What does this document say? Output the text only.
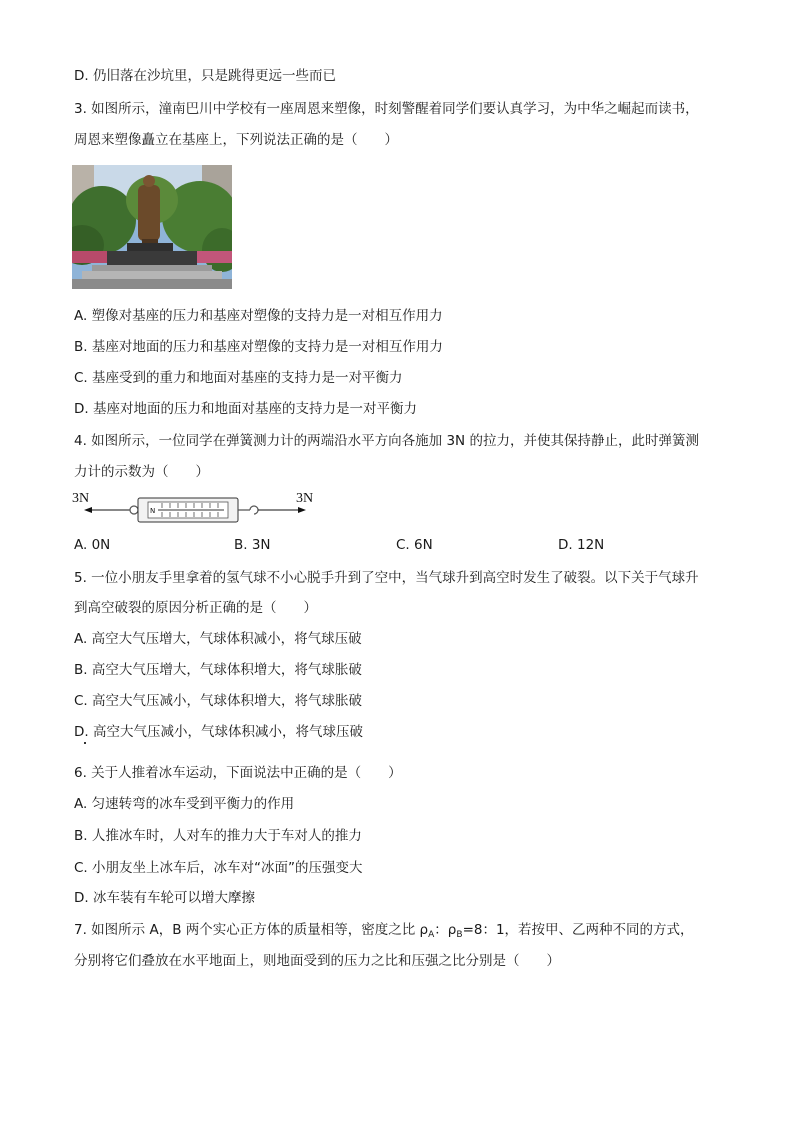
D. 仍旧落在沙坑里，只是跳得更远一些而已
3. 如图所示，潼南巴川中学校有一座周恩来塑像，时刻警醒着同学们要认真学习，为中华之崛起而读书，
周恩来塑像矗立在基座上，下列说法正确的是（　　）
A. 塑像对基座的压力和基座对塑像的支持力是一对相互作用力
B. 基座对地面的压力和基座对塑像的支持力是一对相互作用力
C. 基座受到的重力和地面对基座的支持力是一对平衡力
D. 基座对地面的压力和地面对基座的支持力是一对平衡力
4. 如图所示，一位同学在弹簧测力计的两端沿水平方向各施加 3N 的拉力，并使其保持静止，此时弹簧测
力计的示数为（　　）
3N	3N
N
A. 0N	B. 3N	C. 6N	D. 12N
5. 一位小朋友手里拿着的氢气球不小心脱手升到了空中，当气球升到高空时发生了破裂。以下关于气球升
到高空破裂的原因分析正确的是（　　）
A. 高空大气压增大，气球体积减小，将气球压破
B. 高空大气压增大，气球体积增大，将气球胀破
C. 高空大气压减小，气球体积增大，将气球胀破
D. 高空大气压减小，气球体积减小，将气球压破
6. 关于人推着冰车运动，下面说法中正确的是（　　）
A. 匀速转弯的冰车受到平衡力的作用
B. 人推冰车时，人对车的推力大于车对人的推力
C. 小朋友坐上冰车后，冰车对“冰面”的压强变大
D. 冰车装有车轮可以增大摩擦
7. 如图所示 A，B 两个实心正方体的质量相等，密度之比 $\rho_A$：$\rho_B=8$：1，若按甲、乙两种不同的方式，
分别将它们叠放在水平地面上，则地面受到的压力之比和压强之比分别是（　　）
